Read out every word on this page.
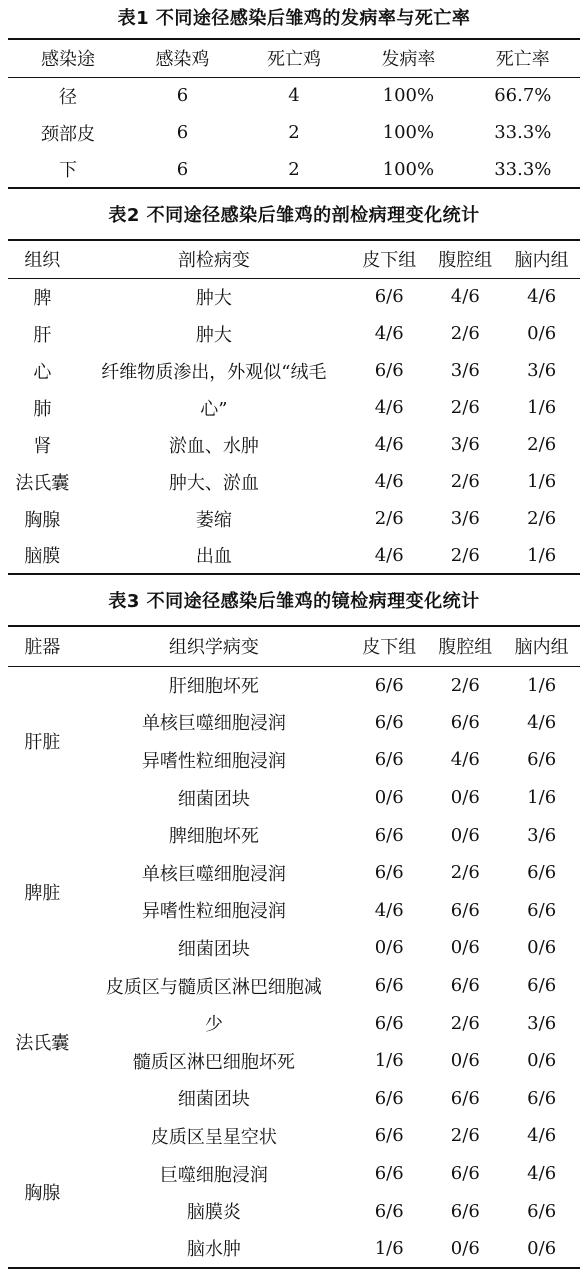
表1 不同途径感染后雏鸡的发病率与死亡率
感染途	感染鸡	死亡鸡	发病率	死亡率
径	6	4	100%	66.7%
颈部皮	6	2	100%	33.3%
下	6	2	100%	33.3%
表2 不同途径感染后雏鸡的剖检病理变化统计
组织	剖检病变	皮下组	腹腔组	脑内组
脾	肿大	6/6	4/6	4/6
肝	肿大	4/6	2/6	0/6
心	纤维物质渗出，外观似“绒毛	6/6	3/6	3/6
肺	心”	4/6	2/6	1/6
肾	淤血、水肿	4/6	3/6	2/6
法氏囊	肿大、淤血	4/6	2/6	1/6
胸腺	萎缩	2/6	3/6	2/6
脑膜	出血	4/6	2/6	1/6
表3 不同途径感染后雏鸡的镜检病理变化统计
脏器	组织学病变	皮下组	腹腔组	脑内组
肝脏	肝细胞坏死	6/6	2/6	1/6
	单核巨噬细胞浸润	6/6	6/6	4/6
	异嗜性粒细胞浸润	6/6	4/6	6/6
	细菌团块	0/6	0/6	1/6
脾脏	脾细胞坏死	6/6	0/6	3/6
	单核巨噬细胞浸润	6/6	2/6	6/6
	异嗜性粒细胞浸润	4/6	6/6	6/6
	细菌团块	0/6	0/6	0/6
法氏囊	皮质区与髓质区淋巴细胞减	6/6	6/6	6/6
	少	6/6	2/6	3/6
	髓质区淋巴细胞坏死	1/6	0/6	0/6
	细菌团块	6/6	6/6	6/6
胸腺	皮质区呈星空状	6/6	2/6	4/6
	巨噬细胞浸润	6/6	6/6	4/6
	脑膜炎	6/6	6/6	6/6
	脑水肿	1/6	0/6	0/6
